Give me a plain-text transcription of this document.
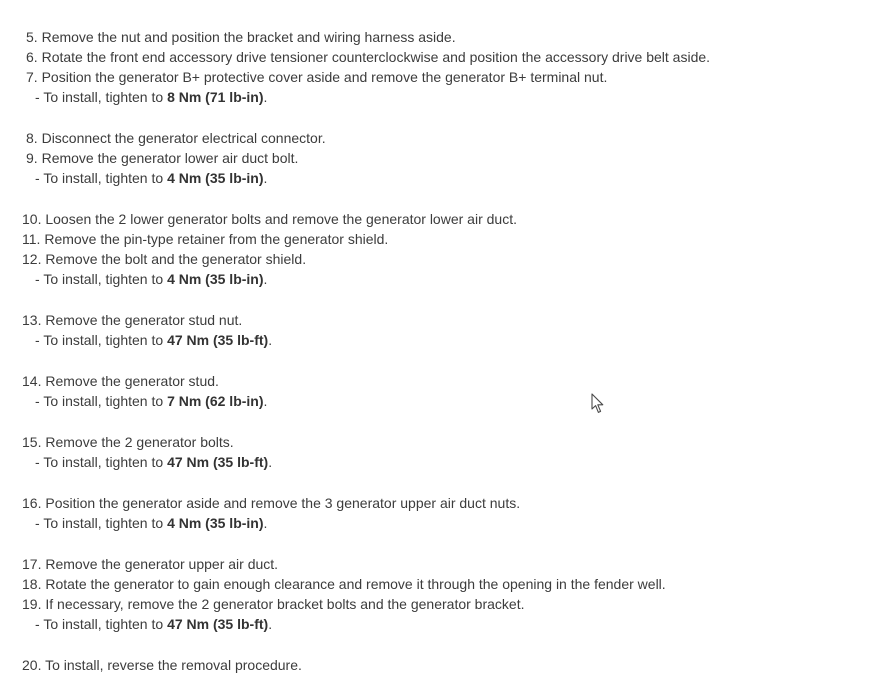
5. Remove the nut and position the bracket and wiring harness aside.
6. Rotate the front end accessory drive tensioner counterclockwise and position the accessory drive belt aside.
7. Position the generator B+ protective cover aside and remove the generator B+ terminal nut.
- To install, tighten to 8 Nm (71 lb-in).
8. Disconnect the generator electrical connector.
9. Remove the generator lower air duct bolt.
- To install, tighten to 4 Nm (35 lb-in).
10. Loosen the 2 lower generator bolts and remove the generator lower air duct.
11. Remove the pin-type retainer from the generator shield.
12. Remove the bolt and the generator shield.
- To install, tighten to 4 Nm (35 lb-in).
13. Remove the generator stud nut.
- To install, tighten to 47 Nm (35 lb-ft).
14. Remove the generator stud.
- To install, tighten to 7 Nm (62 lb-in).
15. Remove the 2 generator bolts.
- To install, tighten to 47 Nm (35 lb-ft).
16. Position the generator aside and remove the 3 generator upper air duct nuts.
- To install, tighten to 4 Nm (35 lb-in).
17. Remove the generator upper air duct.
18. Rotate the generator to gain enough clearance and remove it through the opening in the fender well.
19. If necessary, remove the 2 generator bracket bolts and the generator bracket.
- To install, tighten to 47 Nm (35 lb-ft).
20. To install, reverse the removal procedure.
